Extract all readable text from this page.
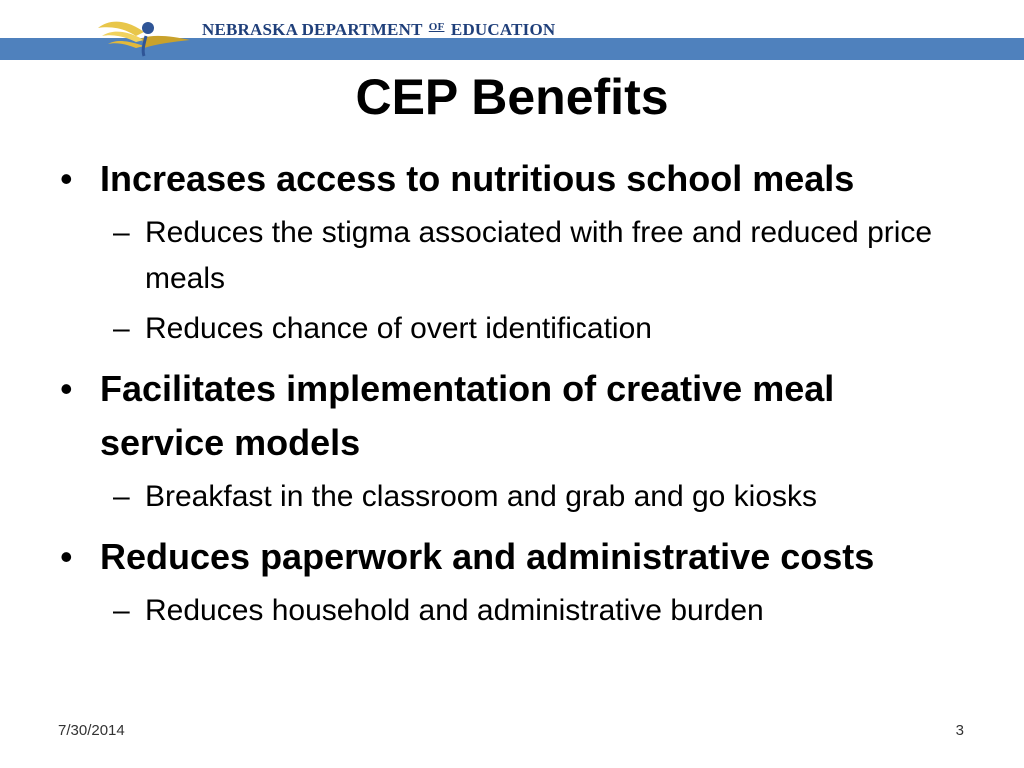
NEBRASKA DEPARTMENT $^{OF}$ EDUCATION
CEP Benefits
• Increases access to nutritious school meals
– Reduces the stigma associated with free and reduced price meals
– Reduces chance of overt identification
• Facilitates implementation of creative meal service models
– Breakfast in the classroom and grab and go kiosks
• Reduces paperwork and administrative costs
– Reduces household and administrative burden
7/30/2014	3
